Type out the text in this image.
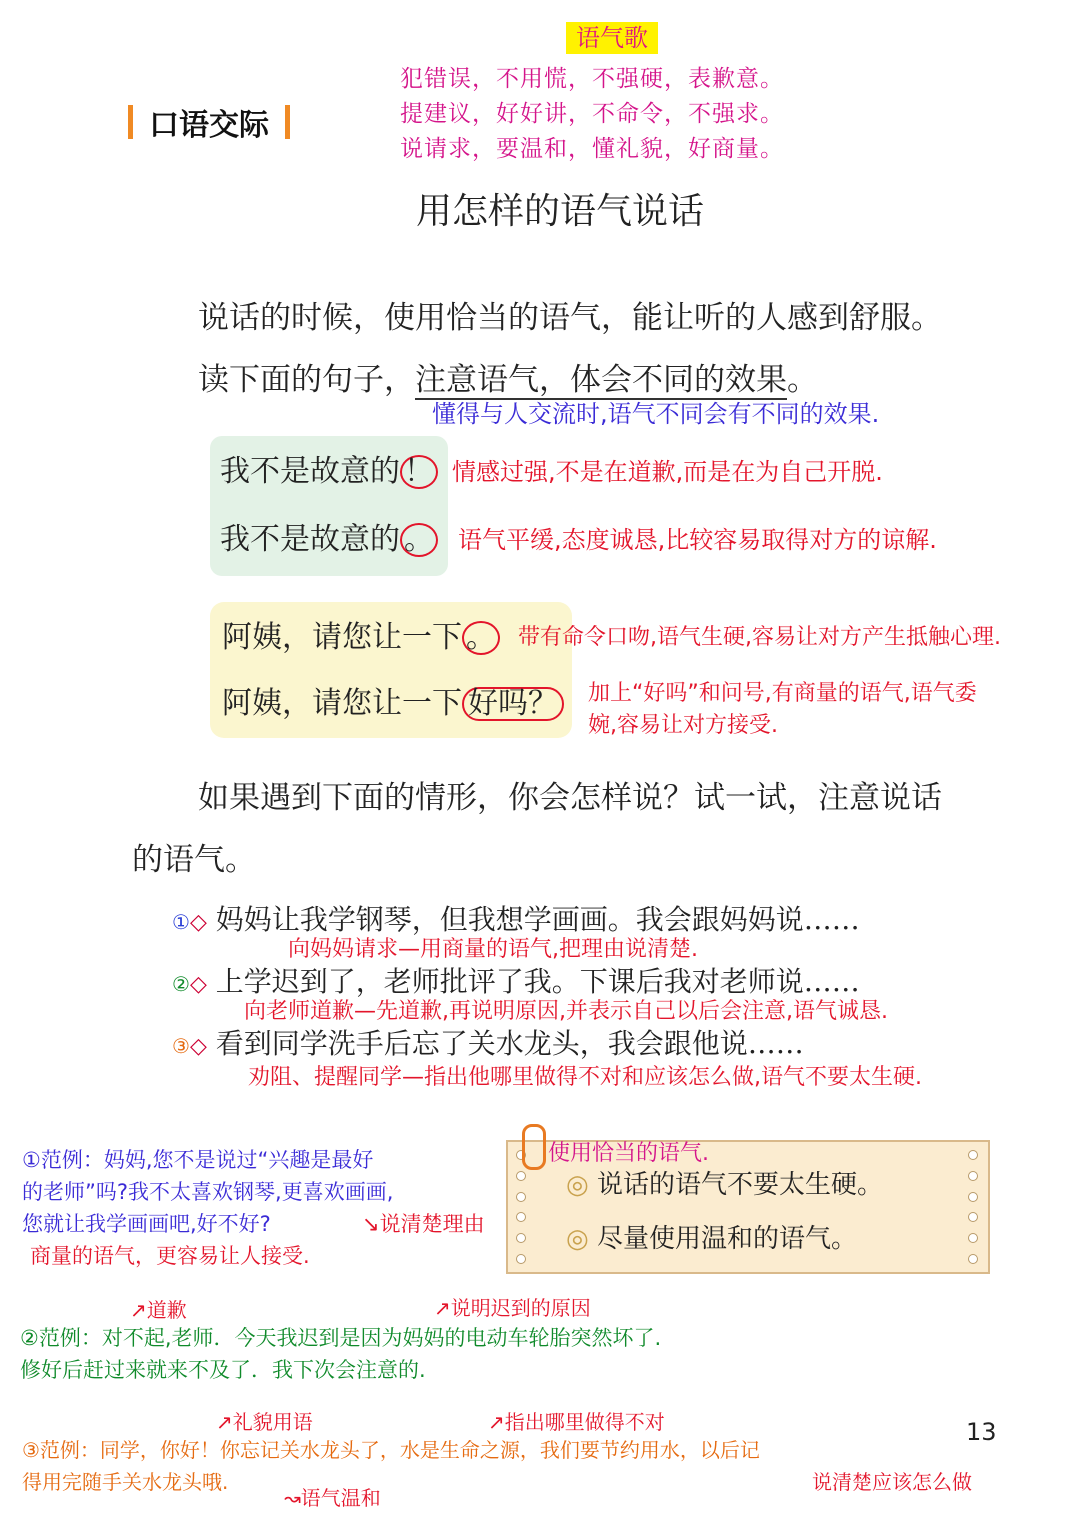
语气歌
犯错误，不用慌，不强硬，表歉意。
提建议，好好讲，不命令，不强求。
说请求，要温和，懂礼貌，好商量。
口语交际
用怎样的语气说话
说话的时候，使用恰当的语气，能让听的人感到舒服。
读下面的句子，注意语气，体会不同的效果。
懂得与人交流时,语气不同会有不同的效果.
我不是故意的 ！ 情感过强,不是在道歉,而是在为自己开脱.
我不是故意的 。 语气平缓,态度诚恳,比较容易取得对方的谅解.
阿姨，请您让一下 。 带有命令口吻,语气生硬,容易让对方产生抵触心理.
阿姨，请您让一下 好吗？ 加上“好吗”和问号,有商量的语气,语气委
婉,容易让对方接受.
如果遇到下面的情形，你会怎样说？试一试，注意说话
的语气。
①◇ 妈妈让我学钢琴，但我想学画画。我会跟妈妈说……
向妈妈请求—用商量的语气,把理由说清楚.
②◇ 上学迟到了，老师批评了我。下课后我对老师说……
向老师道歉—先道歉,再说明原因,并表示自己以后会注意,语气诚恳.
③◇ 看到同学洗手后忘了关水龙头，我会跟他说……
劝阻、提醒同学—指出他哪里做得不对和应该怎么做,语气不要太生硬.
使用恰当的语气.
◎ 说话的语气不要太生硬。
◎ 尽量使用温和的语气。
①范例：妈妈,您不是说过“兴趣是最好
的老师”吗?我不太喜欢钢琴,更喜欢画画,
您就让我学画画吧,好不好?	↘说清楚理由
商量的语气，更容易让人接受.
↗道歉	↗说明迟到的原因
②范例：对不起,老师．今天我迟到是因为妈妈的电动车轮胎突然坏了.
修好后赶过来就来不及了．我下次会注意的.
↗礼貌用语	↗指出哪里做得不对	13
③范例：同学，你好！你忘记关水龙头了，水是生命之源，我们要节约用水，以后记
得用完随手关水龙头哦.
↝语气温和
说清楚应该怎么做
